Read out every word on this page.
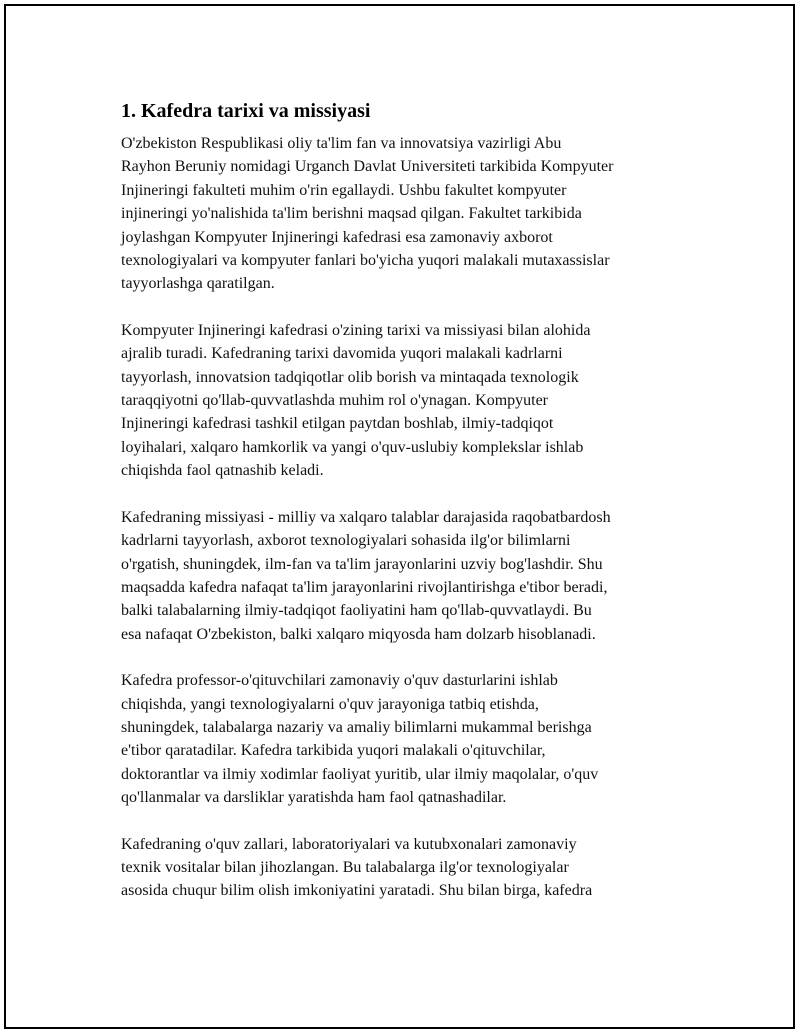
1. Kafedra tarixi va missiyasi

O'zbekiston Respublikasi oliy ta'lim fan va innovatsiya vazirligi Abu
Rayhon Beruniy nomidagi Urganch Davlat Universiteti tarkibida Kompyuter
Injineringi fakulteti muhim o'rin egallaydi. Ushbu fakultet kompyuter
injineringi yo'nalishida ta'lim berishni maqsad qilgan. Fakultet tarkibida
joylashgan Kompyuter Injineringi kafedrasi esa zamonaviy axborot
texnologiyalari va kompyuter fanlari bo'yicha yuqori malakali mutaxassislar
tayyorlashga qaratilgan.

Kompyuter Injineringi kafedrasi o'zining tarixi va missiyasi bilan alohida
ajralib turadi. Kafedraning tarixi davomida yuqori malakali kadrlarni
tayyorlash, innovatsion tadqiqotlar olib borish va mintaqada texnologik
taraqqiyotni qo'llab-quvvatlashda muhim rol o'ynagan. Kompyuter
Injineringi kafedrasi tashkil etilgan paytdan boshlab, ilmiy-tadqiqot
loyihalari, xalqaro hamkorlik va yangi o'quv-uslubiy komplekslar ishlab
chiqishda faol qatnashib keladi.

Kafedraning missiyasi - milliy va xalqaro talablar darajasida raqobatbardosh
kadrlarni tayyorlash, axborot texnologiyalari sohasida ilg'or bilimlarni
o'rgatish, shuningdek, ilm-fan va ta'lim jarayonlarini uzviy bog'lashdir. Shu
maqsadda kafedra nafaqat ta'lim jarayonlarini rivojlantirishga e'tibor beradi,
balki talabalarning ilmiy-tadqiqot faoliyatini ham qo'llab-quvvatlaydi. Bu
esa nafaqat O'zbekiston, balki xalqaro miqyosda ham dolzarb hisoblanadi.

Kafedra professor-o'qituvchilari zamonaviy o'quv dasturlarini ishlab
chiqishda, yangi texnologiyalarni o'quv jarayoniga tatbiq etishda,
shuningdek, talabalarga nazariy va amaliy bilimlarni mukammal berishga
e'tibor qaratadilar. Kafedra tarkibida yuqori malakali o'qituvchilar,
doktorantlar va ilmiy xodimlar faoliyat yuritib, ular ilmiy maqolalar, o'quv
qo'llanmalar va darsliklar yaratishda ham faol qatnashadilar.

Kafedraning o'quv zallari, laboratoriyalari va kutubxonalari zamonaviy
texnik vositalar bilan jihozlangan. Bu talabalarga ilg'or texnologiyalar
asosida chuqur bilim olish imkoniyatini yaratadi. Shu bilan birga, kafedra
